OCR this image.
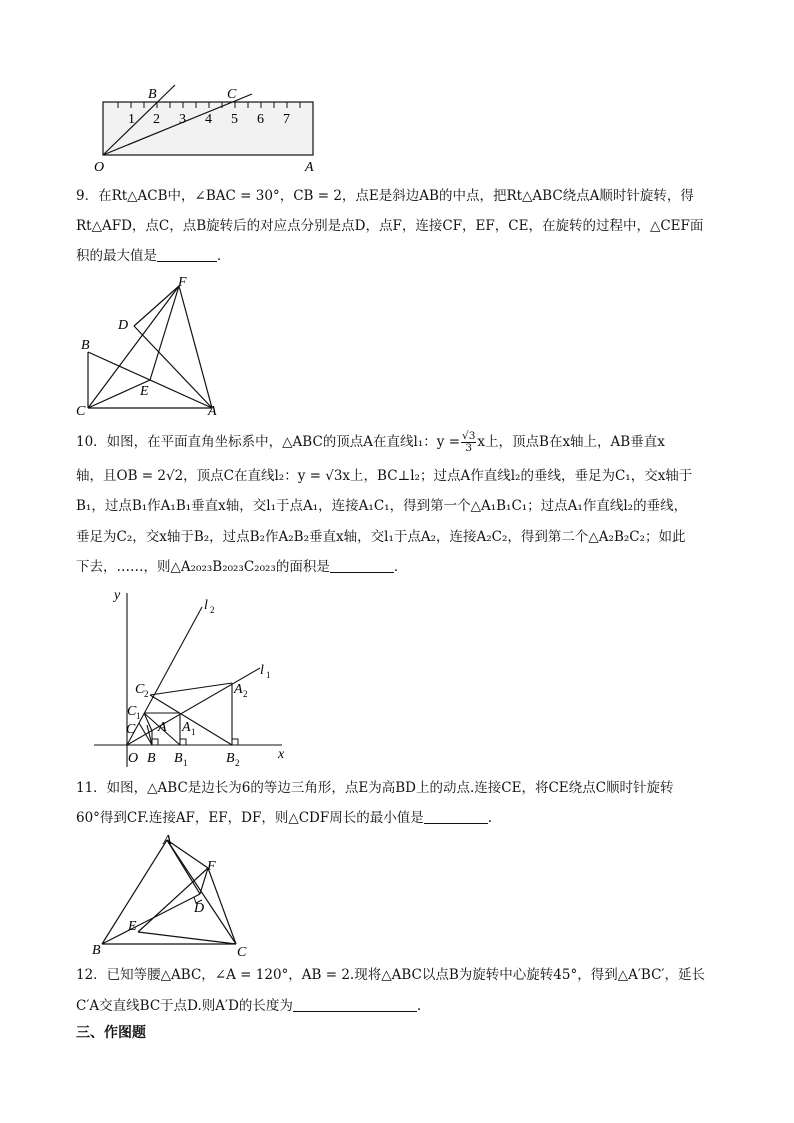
1 2 3 4 5 6 7
B	C
O	A
9．在Rt△ACB中，∠BAC = 30°，CB = 2，点E是斜边AB的中点，把Rt△ABC绕点A顺时针旋转，得
Rt△AFD，点C，点B旋转后的对应点分别是点D，点F，连接CF，EF，CE，在旋转的过程中，△CEF面
积的最大值是	．
F
D
B
E
C	A
10．如图，在平面直角坐标系中，△ABC的顶点A在直线l₁：$y = \frac{√3}{3}$ x上，顶点B在x轴上，AB垂直x
轴，且OB = 2√2，顶点C在直线l₂：y = √3x上，BC⊥l₂；过点A作直线l₂的垂线，垂足为C₁，交x轴于
B₁，过点B₁作A₁B₁垂直x轴，交l₁于点A₁，连接A₁C₁，得到第一个△A₁B₁C₁；过点A₁作直线l₂的垂线，
垂足为C₂，交x轴于B₂，过点B₂作A₂B₂垂直x轴，交l₁于点A₂，连接A₂C₂，得到第二个△A₂B₂C₂；如此
下去，……，则△A₂₀₂₃B₂₀₂₃C₂₀₂₃的面积是	．
y
x
l 2
l 1
C 2	A 2
C 1
C A A 1
O B B 1	B 2
11．如图，△ABC是边长为6的等边三角形，点E为高BD上的动点.连接CE，将CE绕点C顺时针旋转
60°得到CF.连接AF，EF，DF，则△CDF周长的最小值是	.
A
F
D
E
B	C
12．已知等腰△ABC，∠A = 120°，AB = 2.现将△ABC以点B为旋转中心旋转45°，得到△A′BC′，延长
C′A交直线BC于点D.则A′D的长度为	.
三、作图题
